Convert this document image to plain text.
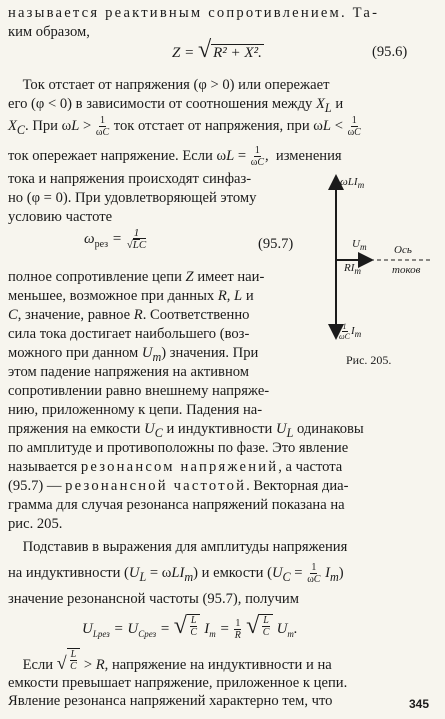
называется реактивным сопротивлением. Та-
ким образом,
Z = √ R² + X².	(95.6)
Ток отстает от напряжения (φ > 0) или опережает
его (φ < 0) в зависимости от соотношения между $X_L$ и
$X_C$. При $\omega L > \frac{1}{\omega C}$ ток отстает от напряжения, при $\omega L < \frac{1}{\omega C}$
ток опережает напряжение. Если $\omega L = \frac{1}{\omega C}$ ,  изменения
тока и напряжения происходят синфаз-
но (φ = 0). При удовлетворяющей этому
условию частоте
$\omega_{рез} = \frac{1}{√LC}$	(95.7)
полное сопротивление цепи Z имеет наи-
меньшее, возможное при данных R, L и
C, значение, равное R. Соответственно
сила тока достигает наибольшего (воз-
можного при данном $U_m$) значения. При
этом падение напряжения на активном
сопротивлении равно внешнему напряже-
нию, приложенному к цепи. Падения на-
пряжения на емкости $U_C$ и индуктивности $U_L$ одинаковы
по амплитуде и противоположны по фазе. Это явление
называется резонансом напряжений, а частота
(95.7) — резонансной частотой. Векторная диа-
грамма для случая резонанса напряжений показана на
рис. 205.
Подставив в выражения для амплитуды напряжения
на индуктивности $(U_L = \omega LI_m)$ и емкости $(U_C = \frac{1}{\omega C} I_m)$
значение резонансной частоты (95.7), получим
$U_{Lрез} = U_{Cрез}$ = √ $\frac{L}{C} I_m = \frac{1}{R}$
√ $\frac{L}{C} U_m$.
Если √ $\frac{L}{C} > R$, напряжение на индуктивности и на
емкости превышает напряжение, приложенное к цепи.
Явление резонанса напряжений характерно тем, что
ωLI$_m$
$U_m$
$RI_m$
Ось
токов
$\frac{1}{\omega C} I_m$
Рис. 205.
345
